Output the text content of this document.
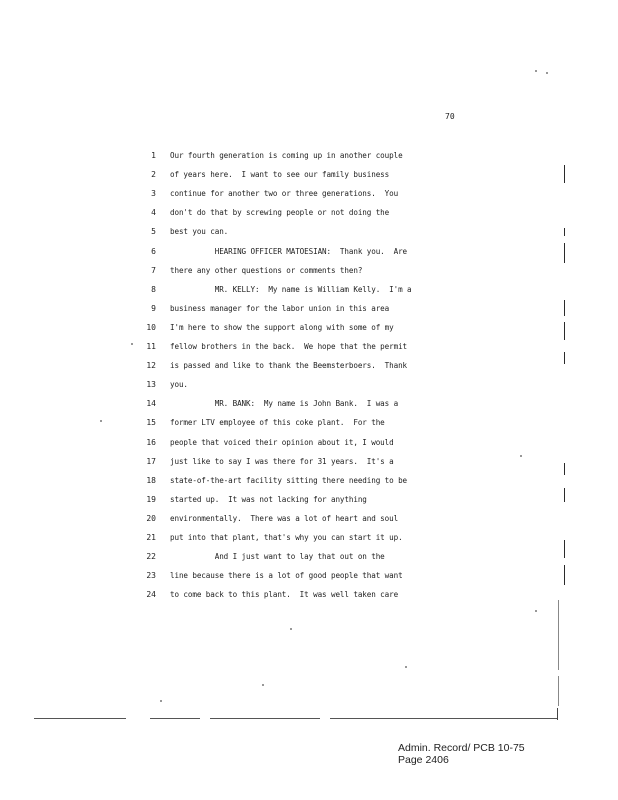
70
1 Our fourth generation is coming up in another couple
2 of years here.  I want to see our family business
3 continue for another two or three generations.  You
4 don't do that by screwing people or not doing the
5 best you can.
6 HEARING OFFICER MATOESIAN:  Thank you.  Are
7 there any other questions or comments then?
8 MR. KELLY:  My name is William Kelly.  I'm a
9 business manager for the labor union in this area
10 I'm here to show the support along with some of my
11 fellow brothers in the back.  We hope that the permit
12 is passed and like to thank the Beemsterboers.  Thank
13 you.
14 MR. BANK:  My name is John Bank.  I was a
15 former LTV employee of this coke plant.  For the
16 people that voiced their opinion about it, I would
17 just like to say I was there for 31 years.  It's a
18 state-of-the-art facility sitting there needing to be
19 started up.  It was not lacking for anything
20 environmentally.  There was a lot of heart and soul
21 put into that plant, that's why you can start it up.
22 And I just want to lay that out on the
23 line because there is a lot of good people that want
24 to come back to this plant.  It was well taken care
Admin. Record/ PCB 10-75
Page 2406
